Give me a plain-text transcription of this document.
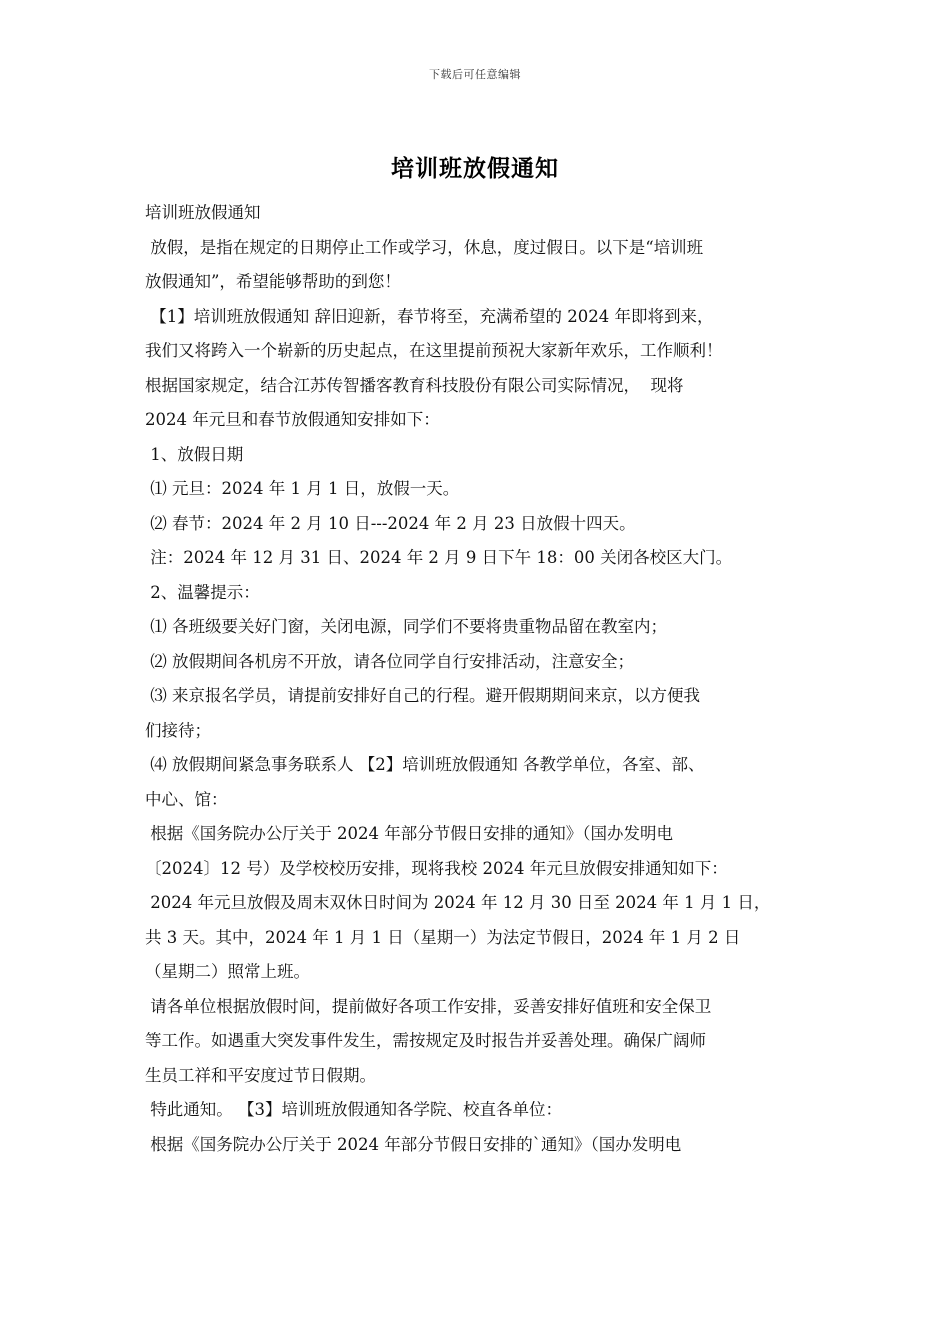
下载后可任意编辑
培训班放假通知
培训班放假通知
放假，是指在规定的日期停止工作或学习，休息，度过假日。以下是“培训班
放假通知”，希望能够帮助的到您！
【1】培训班放假通知 辞旧迎新，春节将至，充满希望的 2024 年即将到来，
我们又将跨入一个崭新的历史起点，在这里提前预祝大家新年欢乐，工作顺利！
根据国家规定，结合江苏传智播客教育科技股份有限公司实际情况，  现将
2024 年元旦和春节放假通知安排如下：
1、放假日期
⑴ 元旦：2024 年 1 月 1 日，放假一天。
⑵ 春节：2024 年 2 月 10 日---2024 年 2 月 23 日放假十四天。
注：2024 年 12 月 31 日、2024 年 2 月 9 日下午 18：00 关闭各校区大门。
2、温馨提示：
⑴ 各班级要关好门窗，关闭电源，同学们不要将贵重物品留在教室内；
⑵ 放假期间各机房不开放，请各位同学自行安排活动，注意安全；
⑶ 来京报名学员，请提前安排好自己的行程。避开假期期间来京，以方便我
们接待；
⑷ 放假期间紧急事务联系人 【2】培训班放假通知 各教学单位，各室、部、
中心、馆：
根据《国务院办公厅关于 2024 年部分节假日安排的通知》（国办发明电
〔2024〕12 号）及学校校历安排，现将我校 2024 年元旦放假安排通知如下：
2024 年元旦放假及周末双休日时间为 2024 年 12 月 30 日至 2024 年 1 月 1 日，
共 3 天。其中，2024 年 1 月 1 日（星期一）为法定节假日，2024 年 1 月 2 日
（星期二）照常上班。
请各单位根据放假时间，提前做好各项工作安排，妥善安排好值班和安全保卫
等工作。如遇重大突发事件发生，需按规定及时报告并妥善处理。确保广阔师
生员工祥和平安度过节日假期。
特此通知。 【3】培训班放假通知各学院、校直各单位：
根据《国务院办公厅关于 2024 年部分节假日安排的`通知》（国办发明电
